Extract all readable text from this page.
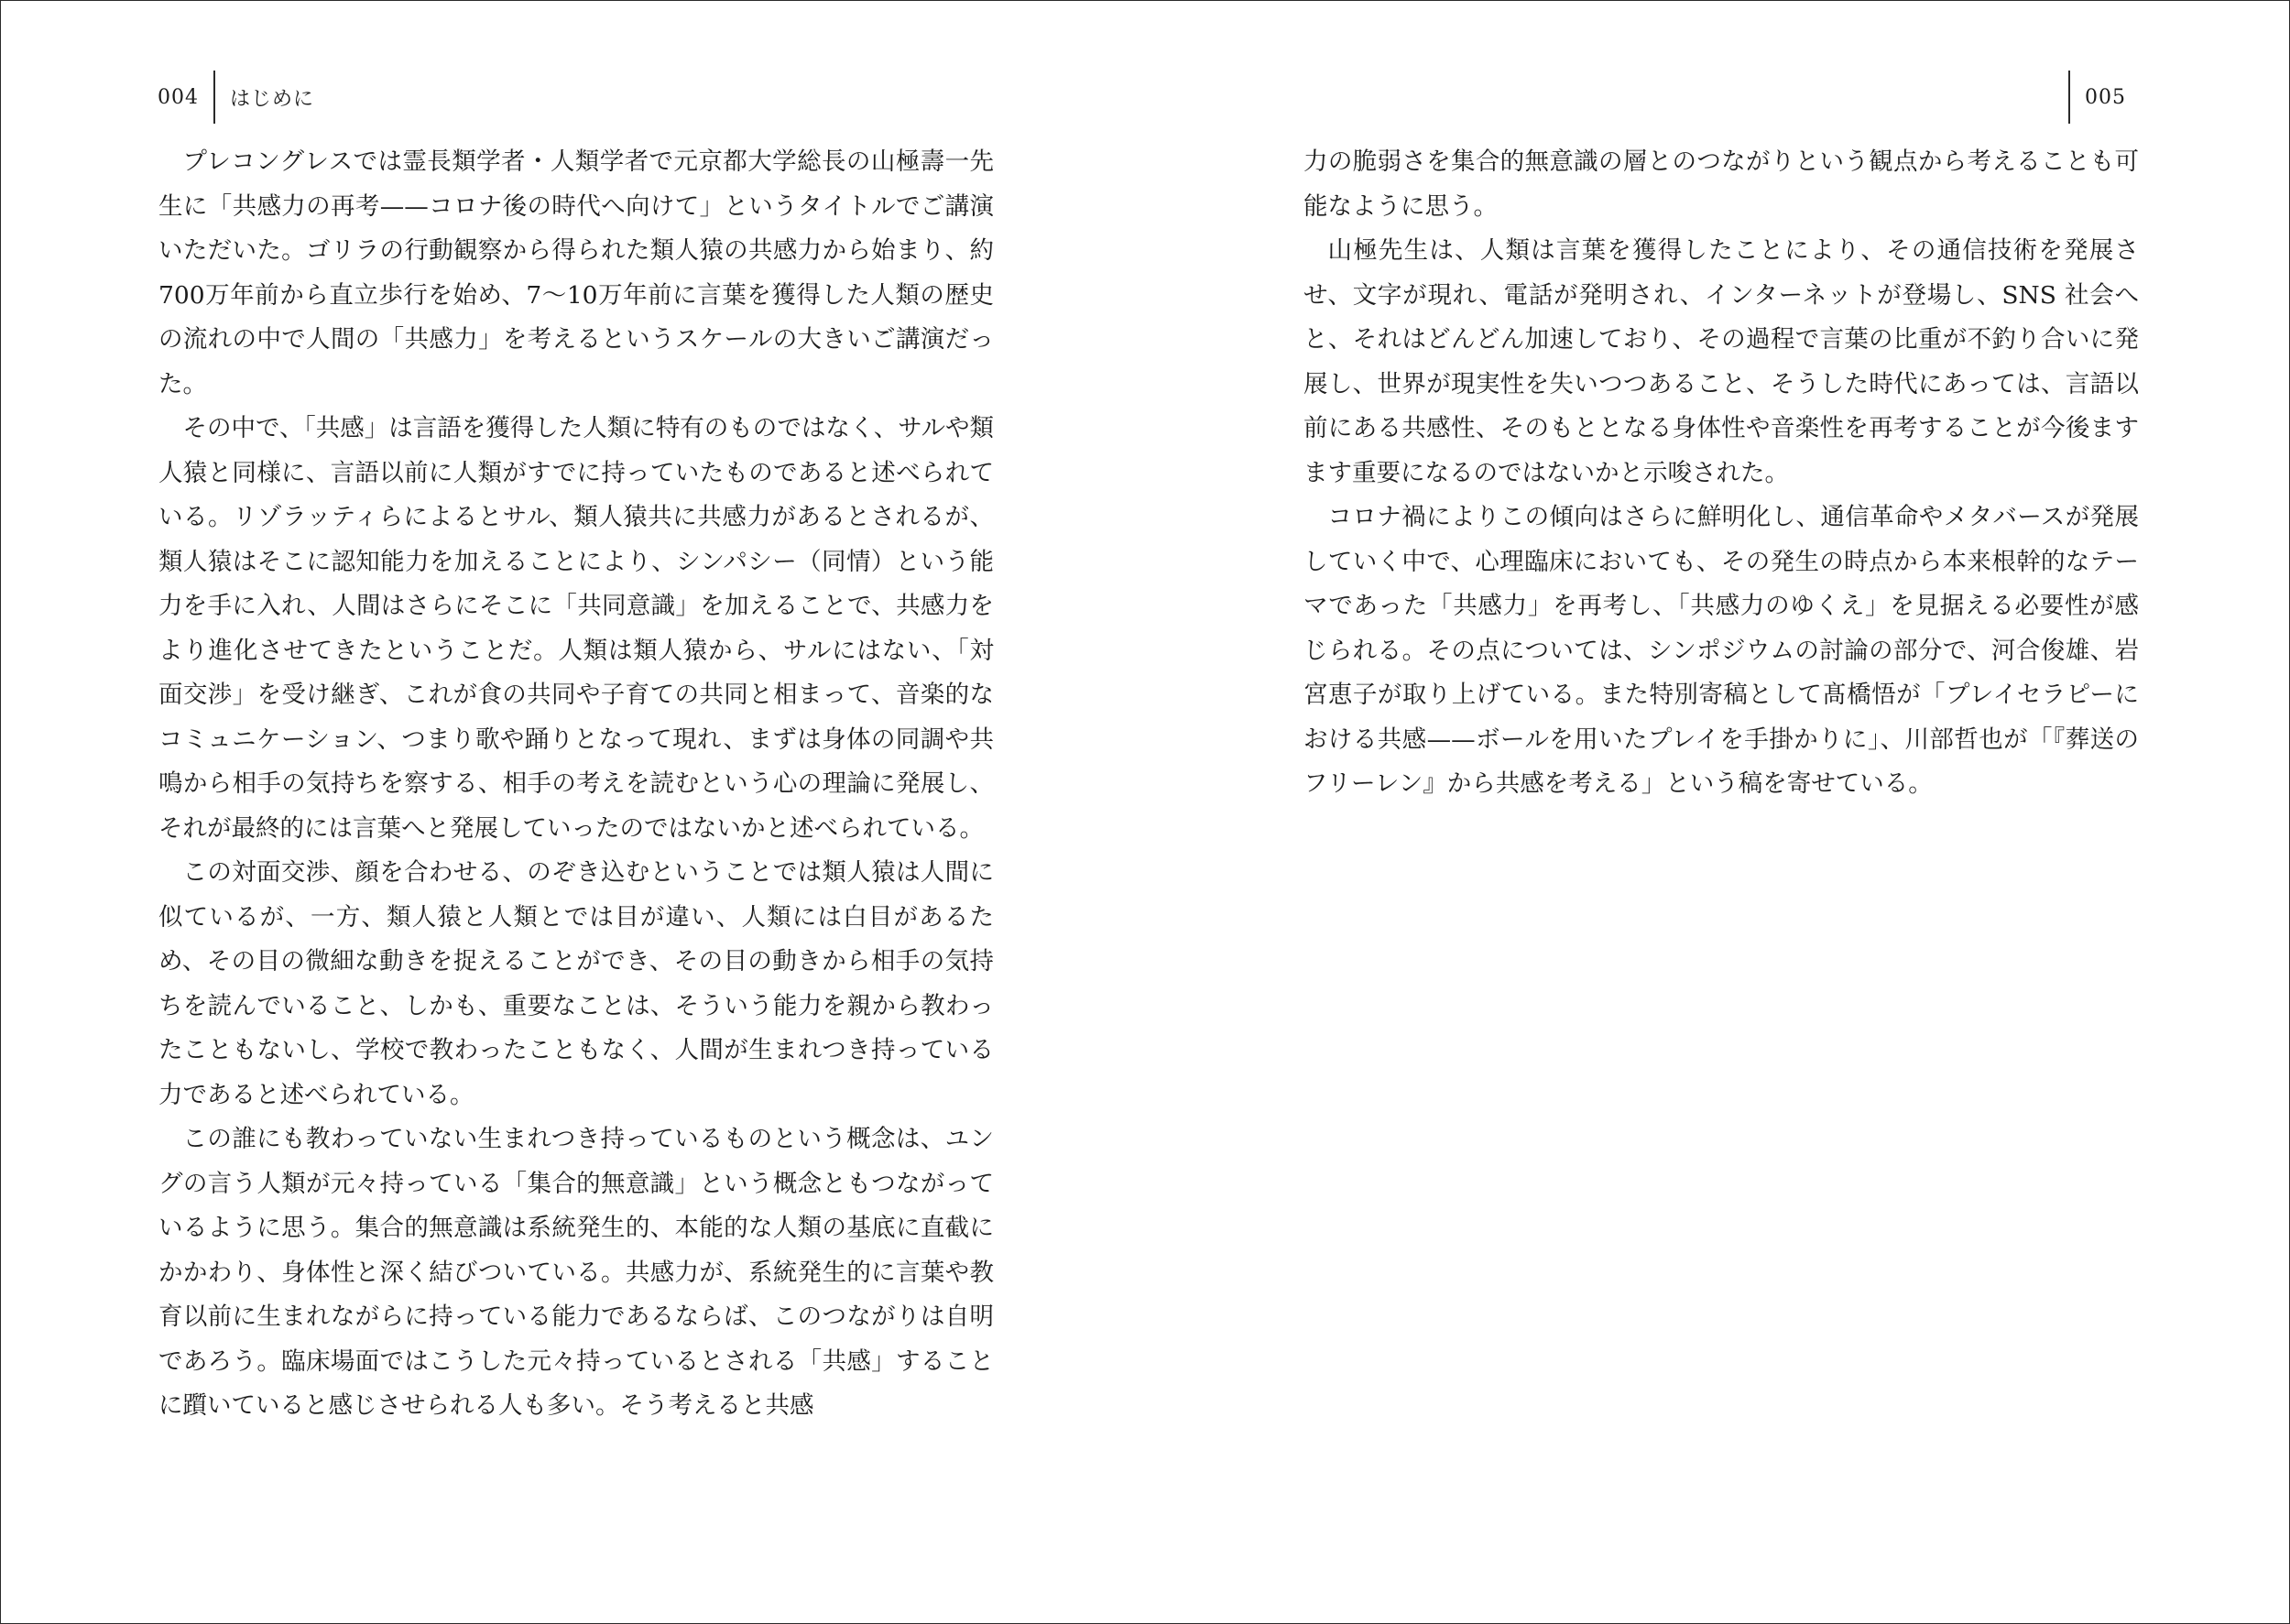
004 はじめに

プレコングレスでは霊長類学者・人類学者で元京都大学総長の山極壽一先生に「共感力の再考——コロナ後の時代へ向けて」というタイトルでご講演いただいた。ゴリラの行動観察から得られた類人猿の共感力から始まり、約700万年前から直立歩行を始め、7〜10万年前に言葉を獲得した人類の歴史の流れの中で人間の「共感力」を考えるというスケールの大きいご講演だった。

その中で、「共感」は言語を獲得した人類に特有のものではなく、サルや類人猿と同様に、言語以前に人類がすでに持っていたものであると述べられている。リゾラッティらによるとサル、類人猿共に共感力があるとされるが、類人猿はそこに認知能力を加えることにより、シンパシー（同情）という能力を手に入れ、人間はさらにそこに「共同意識」を加えることで、共感力をより進化させてきたということだ。人類は類人猿から、サルにはない、「対面交渉」を受け継ぎ、これが食の共同や子育ての共同と相まって、音楽的なコミュニケーション、つまり歌や踊りとなって現れ、まずは身体の同調や共鳴から相手の気持ちを察する、相手の考えを読むという心の理論に発展し、それが最終的には言葉へと発展していったのではないかと述べられている。

この対面交渉、顔を合わせる、のぞき込むということでは類人猿は人間に似ているが、一方、類人猿と人類とでは目が違い、人類には白目があるため、その目の微細な動きを捉えることができ、その目の動きから相手の気持ちを読んでいること、しかも、重要なことは、そういう能力を親から教わったこともないし、学校で教わったこともなく、人間が生まれつき持っている力であると述べられている。

この誰にも教わっていない生まれつき持っているものという概念は、ユングの言う人類が元々持っている「集合的無意識」という概念ともつながっているように思う。集合的無意識は系統発生的、本能的な人類の基底に直截にかかわり、身体性と深く結びついている。共感力が、系統発生的に言葉や教育以前に生まれながらに持っている能力であるならば、このつながりは自明であろう。臨床場面ではこうした元々持っているとされる「共感」することに躓いていると感じさせられる人も多い。そう考えると共感

005

力の脆弱さを集合的無意識の層とのつながりという観点から考えることも可能なように思う。

山極先生は、人類は言葉を獲得したことにより、その通信技術を発展させ、文字が現れ、電話が発明され、インターネットが登場し、SNS 社会へと、それはどんどん加速しており、その過程で言葉の比重が不釣り合いに発展し、世界が現実性を失いつつあること、そうした時代にあっては、言語以前にある共感性、そのもととなる身体性や音楽性を再考することが今後ますます重要になるのではないかと示唆された。

コロナ禍によりこの傾向はさらに鮮明化し、通信革命やメタバースが発展していく中で、心理臨床においても、その発生の時点から本来根幹的なテーマであった「共感力」を再考し、「共感力のゆくえ」を見据える必要性が感じられる。その点については、シンポジウムの討論の部分で、河合俊雄、岩宮恵子が取り上げている。また特別寄稿として髙橋悟が「プレイセラピーにおける共感——ボールを用いたプレイを手掛かりに」、川部哲也が「『葬送のフリーレン』から共感を考える」という稿を寄せている。
